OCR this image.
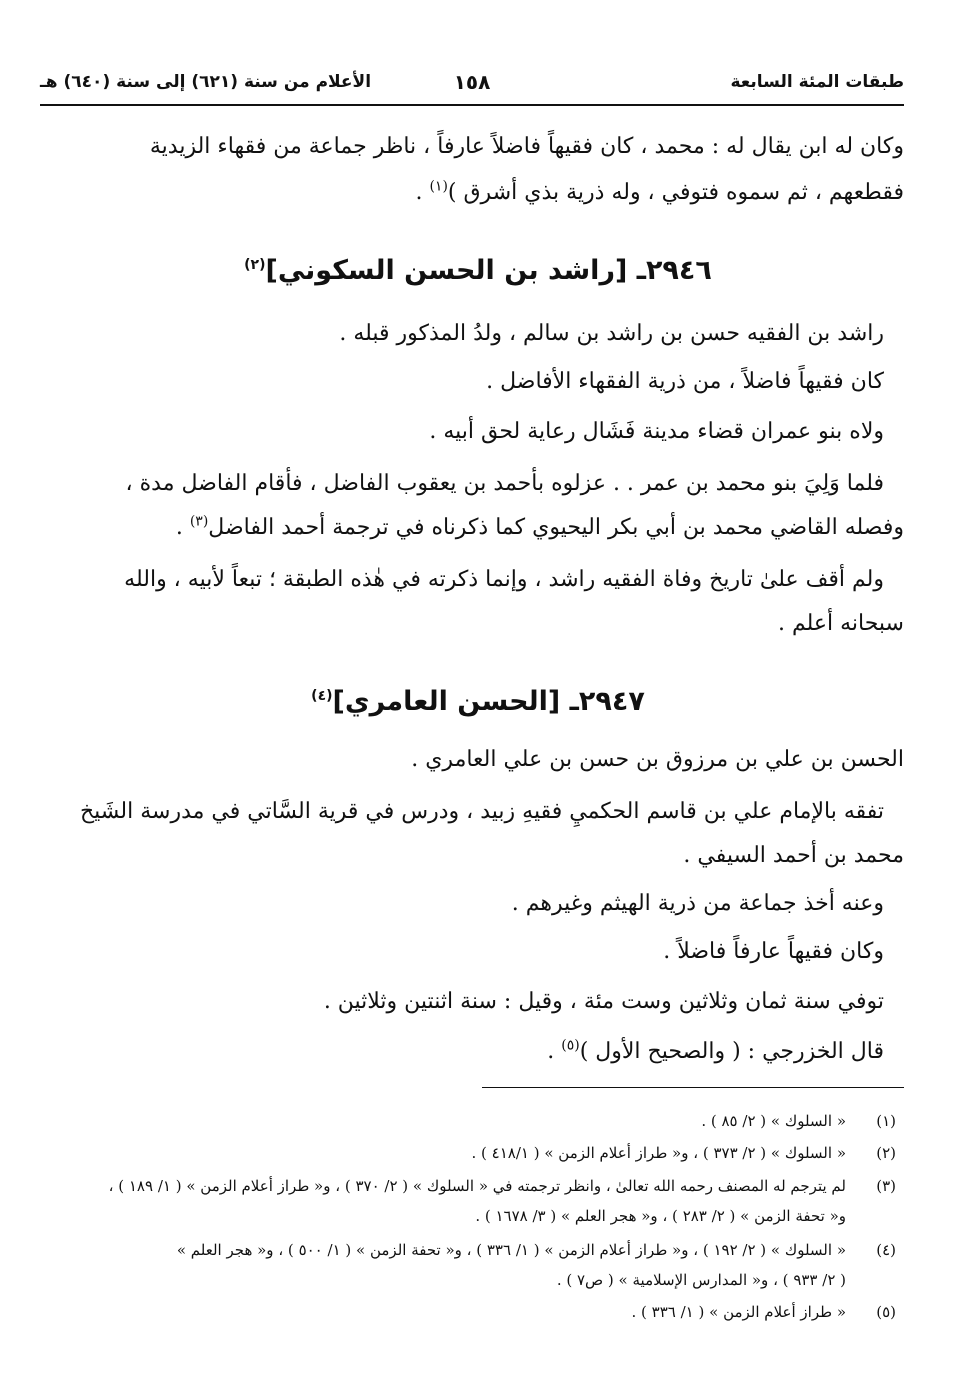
طبقات المئة السابعة
١٥٨
الأعلام من سنة (٦٢١) إلى سنة (٦٤٠) هـ
وكان له ابن يقال له : محمد ، كان فقيهاً فاضلاً عارفاً ، ناظر جماعة من فقهاء الزيدية
فقطعهم ، ثم سموه فتوفي ، وله ذرية بذي أشرق )$^{(١)}$ .
٢٩٤٦ـ [راشد بن الحسن السكوني]$^{(٢)}$
راشد بن الفقيه حسن بن راشد بن سالم ، ولدُ المذكور قبله .
كان فقيهاً فاضلاً ، من ذرية الفقهاء الأفاضل .
ولاه بنو عمران قضاء مدينة فَشَال رعاية لحق أبيه .
فلما وَلِيَ بنو محمد بن عمر . . عزلوه بأحمد بن يعقوب الفاضل ، فأقام الفاضل مدة ،
وفصله القاضي محمد بن أبي بكر اليحيوي كما ذكرناه في ترجمة أحمد الفاضل$^{(٣)}$ .
ولم أقف علىٰ تاريخ وفاة الفقيه راشد ، وإنما ذكرته في هٰذه الطبقة ؛ تبعاً لأبيه ، والله
سبحانه أعلم .
٢٩٤٧ـ [الحسن العامري]$^{(٤)}$
الحسن بن علي بن مرزوق بن حسن بن علي العامري .
تفقه بالإمام علي بن قاسم الحكميِ فقيهِ زبيد ، ودرس في قرية السَّاتي في مدرسة الشَيخ
محمد بن أحمد السيفي .
وعنه أخذ جماعة من ذرية الهيثم وغيرهم .
وكان فقيهاً عارفاً فاضلاً .
توفي سنة ثمان وثلاثين وست مئة ، وقيل : سنة اثنتين وثلاثين .
قال الخزرجي : ( والصحيح الأول )$^{(٥)}$ .
(١)
« السلوك » ( ٢/ ٨٥ ) .
(٢)
« السلوك » ( ٢/ ٣٧٣ ) ، و« طراز أعلام الزمن » ( ٤١٨/١ ) .
(٣)
لم يترجم له المصنف رحمه الله تعالىٰ ، وانظر ترجمته في « السلوك » ( ٢/ ٣٧٠ ) ، و« طراز أعلام الزمن » ( ١/ ١٨٩ ) ،
و« تحفة الزمن » ( ٢/ ٢٨٣ ) ، و« هجر العلم » ( ٣/ ١٦٧٨ ) .
(٤)
« السلوك » ( ٢/ ١٩٢ ) ، و« طراز أعلام الزمن » ( ١/ ٣٣٦ ) ، و« تحفة الزمن » ( ١/ ٥٠٠ ) ، و« هجر العلم »
( ٢/ ٩٣٣ ) ، و« المدارس الإسلامية » ( ص٧ ) .
(٥)
« طراز أعلام الزمن » ( ١/ ٣٣٦ ) .
